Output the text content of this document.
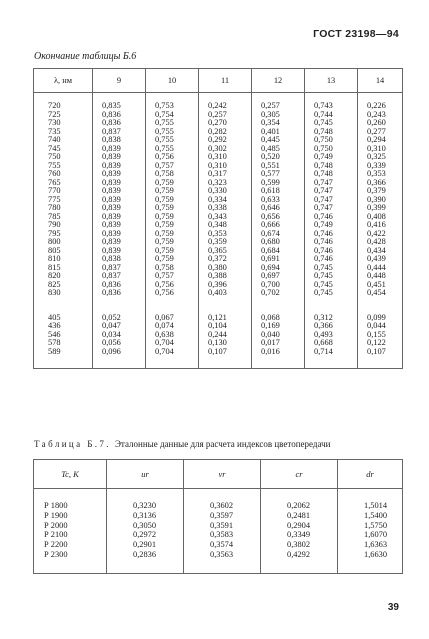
ГОСТ 23198—94
Окончание таблицы Б.6
λ, нм	9	10	11	12	13	14
720	0,835	0,753	0,242	0,257	0,743	0,226
725	0,836	0,754	0,257	0,305	0,744	0,243
730	0,836	0,755	0,270	0,354	0,745	0,260
735	0,837	0,755	0,282	0,401	0,748	0,277
740	0,838	0,755	0,292	0,445	0,750	0,294
745	0,839	0,755	0,302	0,485	0,750	0,310
750	0,839	0,756	0,310	0,520	0,749	0,325
755	0,839	0,757	0,310	0,551	0,748	0,339
760	0,839	0,758	0,317	0,577	0,748	0,353
765	0,839	0,759	0,323	0,599	0,747	0,366
770	0,839	0,759	0,330	0,618	0,747	0,379
775	0,839	0,759	0,334	0,633	0,747	0,390
780	0,839	0,759	0,338	0,646	0,747	0,399
785	0,839	0,759	0,343	0,656	0,746	0,408
790	0,839	0,759	0,348	0,666	0,749	0,416
795	0,839	0,759	0,353	0,674	0,746	0,422
800	0,839	0,759	0,359	0,680	0,746	0,428
805	0,839	0,759	0,365	0,684	0,746	0,434
810	0,838	0,759	0,372	0,691	0,746	0,439
815	0,837	0,758	0,380	0,694	0,745	0,444
820	0,837	0,757	0,388	0,697	0,745	0,448
825	0,836	0,756	0,396	0,700	0,745	0,451
830	0,836	0,756	0,403	0,702	0,745	0,454

405	0,052	0,067	0,121	0,068	0,312	0,099
436	0,047	0,074	0,104	0,169	0,366	0,044
546	0,034	0,638	0,244	0,040	0,493	0,155
578	0,056	0,704	0,130	0,017	0,668	0,122
589	0,096	0,704	0,107	0,016	0,714	0,107
Таблица Б.7. Эталонные данные для расчета индексов цветопередачи
Tc, К	ur	vr	cr	dr
Р 1800	0,3230	0,3602	0,2062	1,5014
Р 1900	0,3136	0,3597	0,2481	1,5400
Р 2000	0,3050	0,3591	0,2904	1,5750
Р 2100	0,2972	0,3583	0,3349	1,6070
Р 2200	0,2901	0,3574	0,3802	1,6363
Р 2300	0,2836	0,3563	0,4292	1,6630
39
